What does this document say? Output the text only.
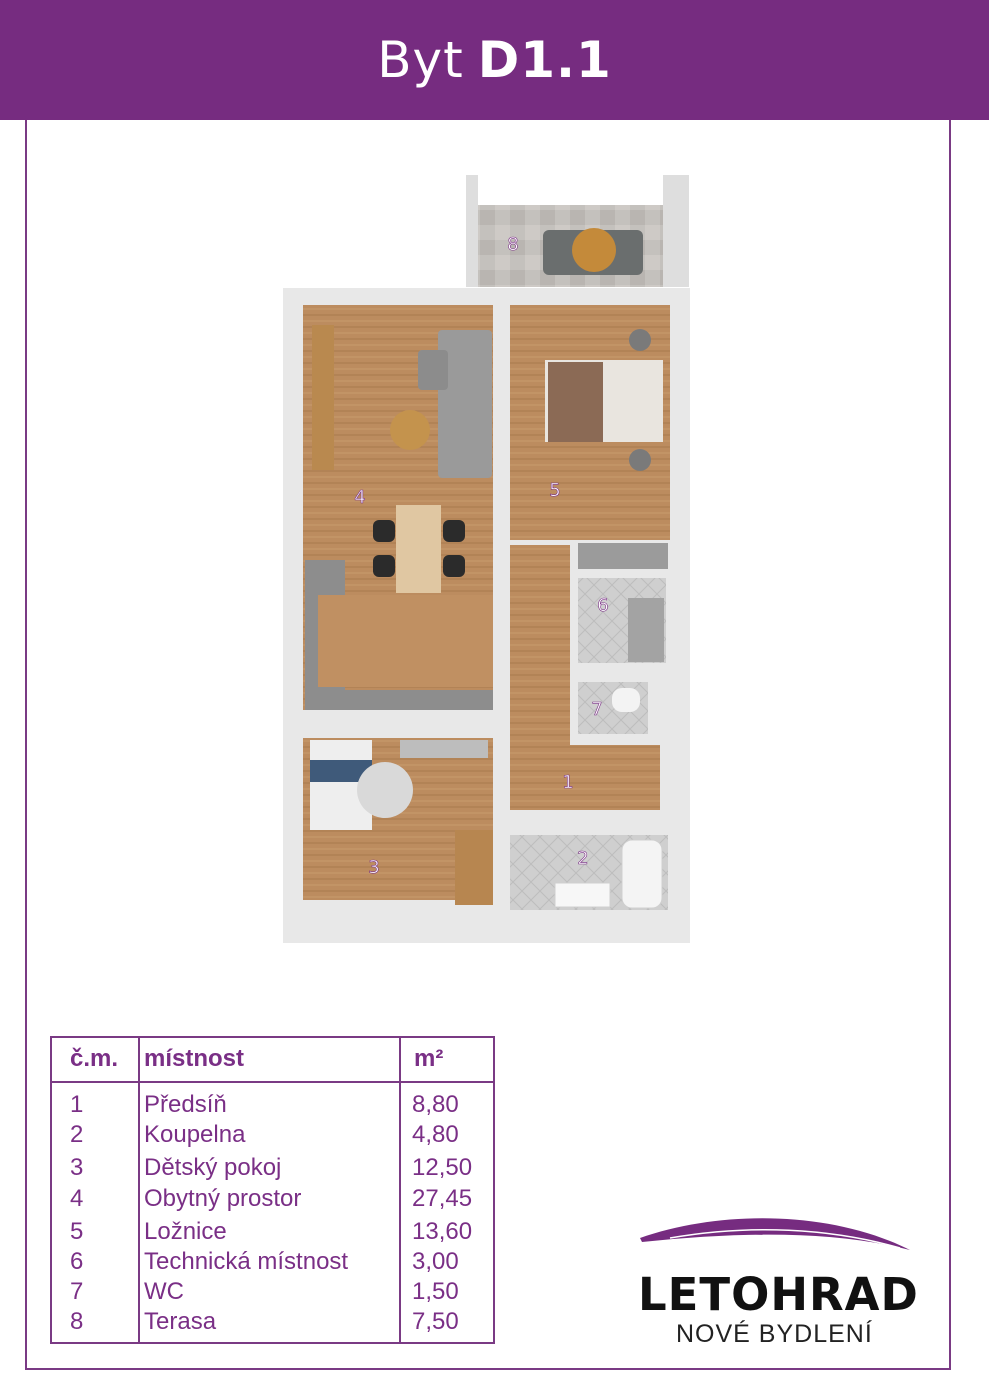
Byt D1.1
1
2
3
4	5
6
7
8
č.m. místnost	m²
1	Předsíň	8,80
2	Koupelna	4,80
3	Dětský pokoj	12,50
4	Obytný prostor	27,45
5	Ložnice	13,60
6	Technická místnost	3,00
7	WC	1,50
8	Terasa	7,50
LETOHRAD
NOVÉ BYDLENÍ
